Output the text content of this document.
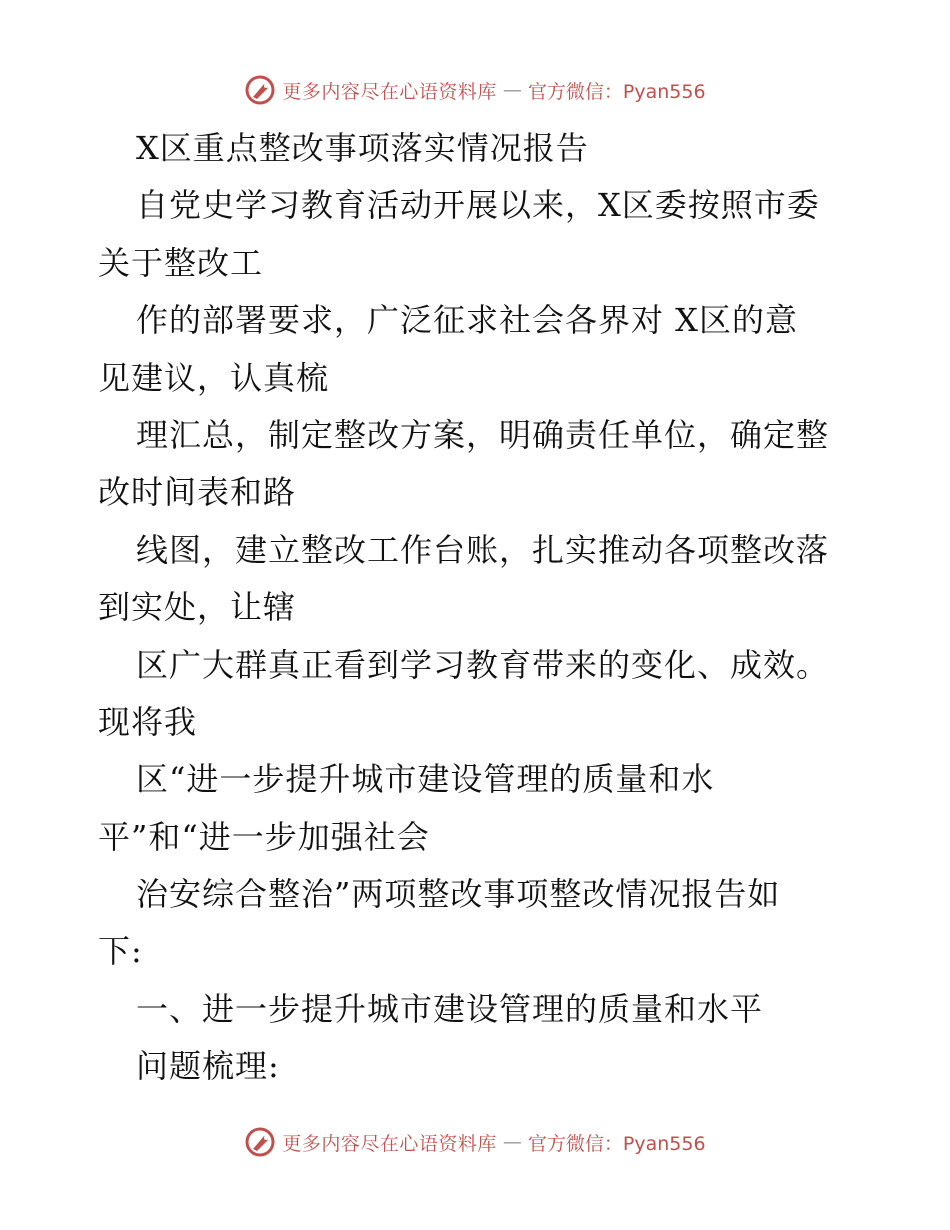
更多内容尽在心语资料库 — 官方微信：Pyan556
X区重点整改事项落实情况报告
自党史学习教育活动开展以来，X区委按照市委
关于整改工
作的部署要求，广泛征求社会各界对 X区的意
见建议，认真梳
理汇总，制定整改方案，明确责任单位，确定整
改时间表和路
线图，建立整改工作台账，扎实推动各项整改落
到实处，让辖
区广大群真正看到学习教育带来的变化、成效。
现将我
区“进一步提升城市建设管理的质量和水
平”和“进一步加强社会
治安综合整治”两项整改事项整改情况报告如
下:
一、进一步提升城市建设管理的质量和水平
问题梳理:
更多内容尽在心语资料库 — 官方微信：Pyan556
